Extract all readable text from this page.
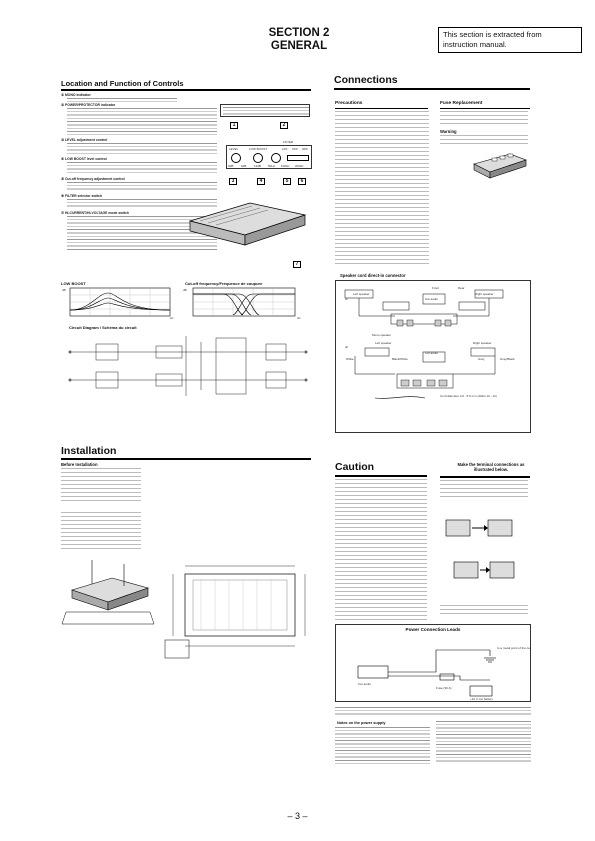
SECTION 2
GENERAL
This section is extracted from instruction manual.
Location and Function of Controls
① MONO indicator
② POWER/PROTECTOR indicator
③ LEVEL adjustment control
④ LOW BOOST level control
⑤ Cut-off frequency adjustment control
⑥ FILTER selector switch
⑦ HI-CURRENT/HI-VOLTAGE mode switch
1	2
LEVEL	LOW BOOST
FILTER
LPF OFF HPF
0dB	6dB	12dB 50Hz 100Hz 200Hz
3	4	5	6
7
LOW BOOST	Cut-off frequency/Fréquence de coupure
dB	dB
Hz	Hz
Circuit Diagram / Schéma du circuit
Installation
Before Installation
Connections
Precautions	Fuse Replacement
Warning
Speaker cord direct-in connector
•1
•2
Left speaker	Right speaker
Front	Rear
Car audio
Mono speaker
Left speaker	Right speaker
Car audio
White	Black/White	Gray	Gray/Black
Cord diameter 4.0 - 5.5 mm (AWG 10 - 12)
Caution	Make the terminal connections as illustrated below.
Power Connection Leads
to a metal point of the car
Car audio
Fuse (30 A)
+12 V car battery
Notes on the power supply
– 3 –
